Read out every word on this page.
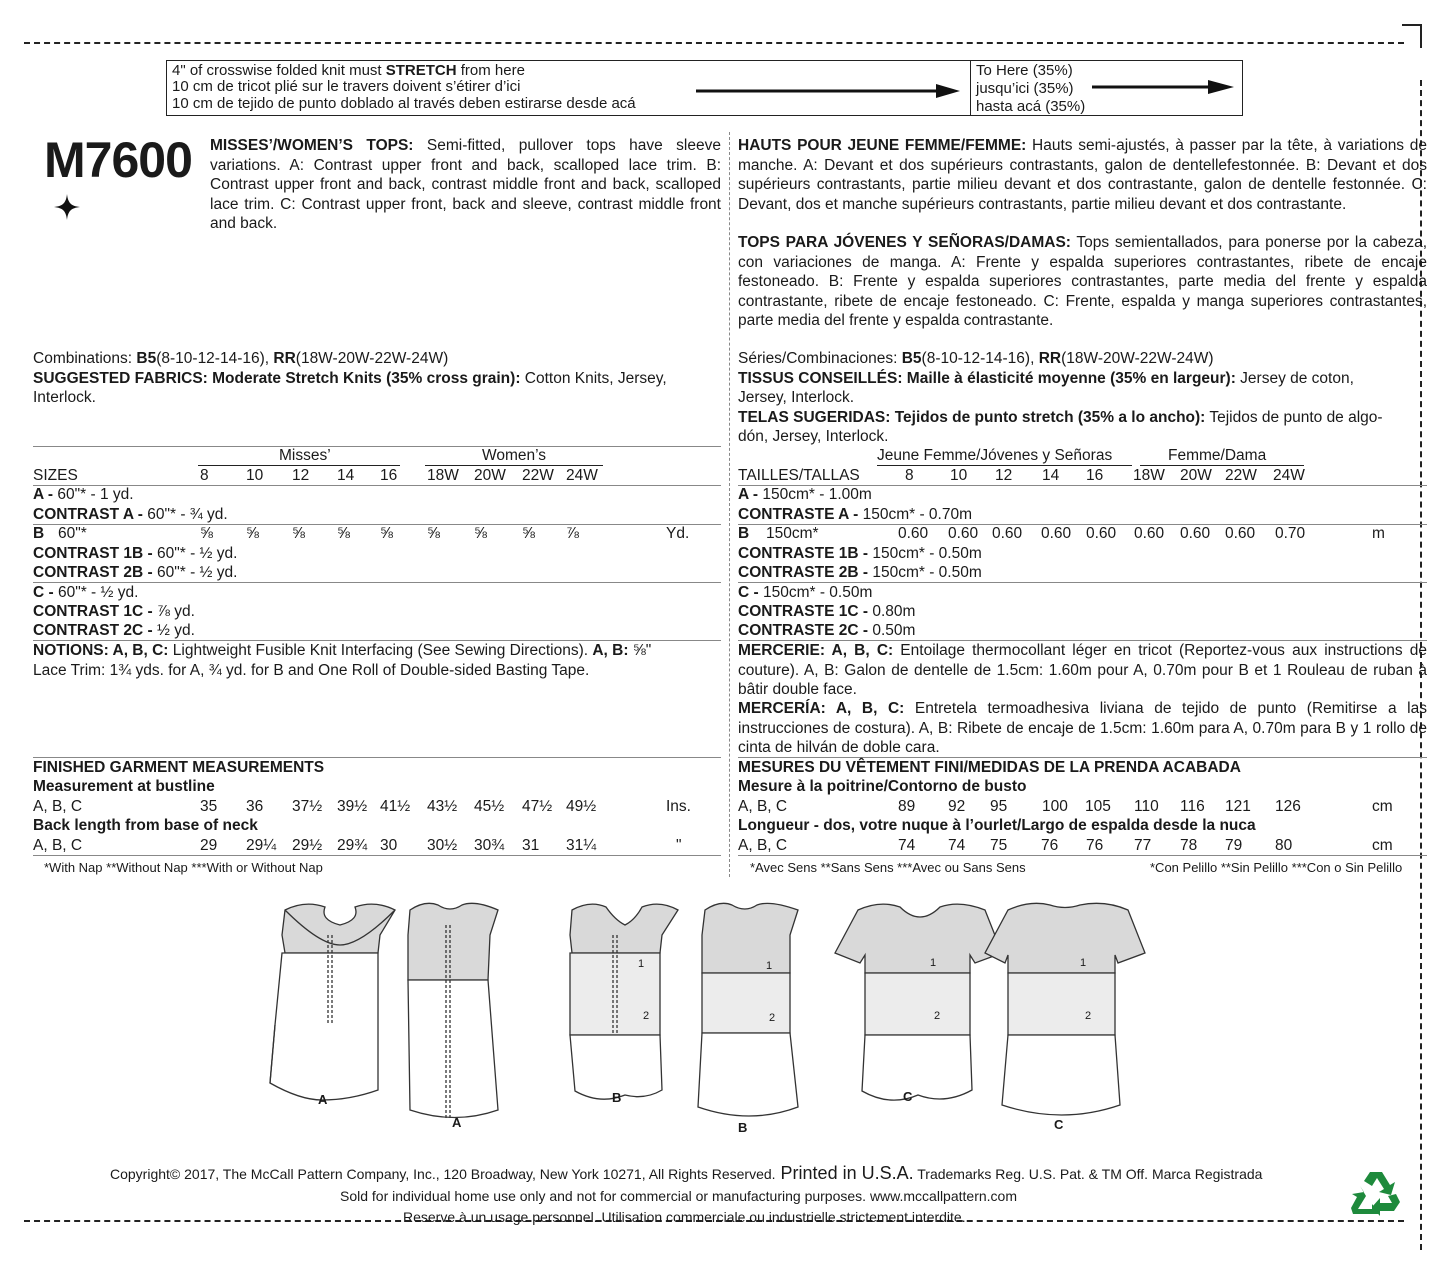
4" of crosswise folded knit must STRETCH from here
10 cm de tricot plié sur le travers doivent s’étirer d’ici
10 cm de tejido de punto doblado al través deben estirarse desde acá
To Here (35%)
jusqu’ici (35%)
hasta acá (35%)
M7600 MISSES’/WOMEN’S TOPS: Semi-fitted, pullover tops have sleeve variations. A: Contrast upper front and back, scalloped lace trim. B: Contrast upper front and back, contrast middle front and back, scalloped lace trim. C: Contrast upper front, back and sleeve, contrast middle front and back.
HAUTS POUR JEUNE FEMME/FEMME: Hauts semi-ajustés, à passer par la tête, à variations de manche. A: Devant et dos supérieurs contrastants, galon de dentellefestonnée. B: Devant et dos supérieurs contrastants, partie milieu devant et dos contrastante, galon de dentelle festonnée. C: Devant, dos et manche supérieurs contrastants, partie milieu devant et dos contrastante.
TOPS PARA JÓVENES Y SEÑORAS/DAMAS: Tops semientallados, para ponerse por la cabeza, con variaciones de manga. A: Frente y espalda superiores contrastantes, ribete de encaje festoneado. B: Frente y espalda superiores contrastantes, parte media del frente y espalda contrastante, ribete de encaje festoneado. C: Frente, espalda y manga superiores contrastantes, parte media del frente y espalda contrastante.
Combinations: B5(8-10-12-14-16), RR(18W-20W-22W-24W)
SUGGESTED FABRICS: Moderate Stretch Knits (35% cross grain): Cotton Knits, Jersey,
Interlock.
Misses’	Women’s
SIZES	8 10 12 14 16 18W 20W 22W 24W
A - 60"* - 1 yd.
CONTRAST A - 60"* - ¾ yd.
B 60"*	⅝ ⅝ ⅝ ⅝ ⅝ ⅝ ⅝ ⅝ ⅞	Yd.
CONTRAST 1B - 60"* - ½ yd.
CONTRAST 2B - 60"* - ½ yd.
C - 60"* - ½ yd.
CONTRAST 1C - ⅞ yd.
CONTRAST 2C - ½ yd.
NOTIONS: A, B, C: Lightweight Fusible Knit Interfacing (See Sewing Directions). A, B: ⅝"
Lace Trim: 1¾ yds. for A, ¾ yd. for B and One Roll of Double-sided Basting Tape.
FINISHED GARMENT MEASUREMENTS
Measurement at bustline
A, B, C	35 36 37½ 39½ 41½ 43½ 45½ 47½ 49½	Ins.
Back length from base of neck
A, B, C	29 29¼ 29½ 29¾ 30 30½ 30¾ 31 31¼	"
*With Nap **Without Nap ***With or Without Nap
Séries/Combinaciones: B5(8-10-12-14-16), RR(18W-20W-22W-24W)
TISSUS CONSEILLÉS: Maille à élasticité moyenne (35% en largeur): Jersey de coton,
Jersey, Interlock.
TELAS SUGERIDAS: Tejidos de punto stretch (35% a lo ancho): Tejidos de punto de algo-
dón, Jersey, Interlock.
Jeune Femme/Jóvenes y Señoras	Femme/Dama
TAILLES/TALLAS	8 10 12 14 16 18W 20W 22W 24W
A - 150cm* - 1.00m
CONTRASTE A - 150cm* - 0.70m
B 150cm*	0.60 0.60 0.60 0.60 0.60 0.60 0.60 0.60 0.70	m
CONTRASTE 1B - 150cm* - 0.50m
CONTRASTE 2B - 150cm* - 0.50m
C - 150cm* - 0.50m
CONTRASTE 1C - 0.80m
CONTRASTE 2C - 0.50m
MERCERIE: A, B, C: Entoilage thermocollant léger en tricot (Reportez-vous aux instructions de couture). A, B: Galon de dentelle de 1.5cm: 1.60m pour A, 0.70m pour B et 1 Rouleau de ruban à bâtir double face.
MERCERÍA: A, B, C: Entretela termoadhesiva liviana de tejido de punto (Remitirse a las instrucciones de costura). A, B: Ribete de encaje de 1.5cm: 1.60m para A, 0.70m para B y 1 rollo de cinta de hilván de doble cara.
MESURES DU VÊTEMENT FINI/MEDIDAS DE LA PRENDA ACABADA
Mesure à la poitrine/Contorno de busto
A, B, C	89 92 95 100 105 110 116 121 126	cm
Longueur - dos, votre nuque à l’ourlet/Largo de espalda desde la nuca
A, B, C	74 74 75 76 76 77 78 79 80	cm
*Avec Sens **Sans Sens ***Avec ou Sans Sens	*Con Pelillo **Sin Pelillo ***Con o Sin Pelillo
A
A
B
B
C
C
1
2
1
2
1
2
1
2
Copyright© 2017, The McCall Pattern Company, Inc., 120 Broadway, New York 10271, All Rights Reserved. Printed in U.S.A. Trademarks Reg. U.S. Pat. & TM Off. Marca Registrada
Sold for individual home use only and not for commercial or manufacturing purposes. www.mccallpattern.com
Reserve à un usage personnel. Utilisation commerciale ou industrielle strictement interdite.
